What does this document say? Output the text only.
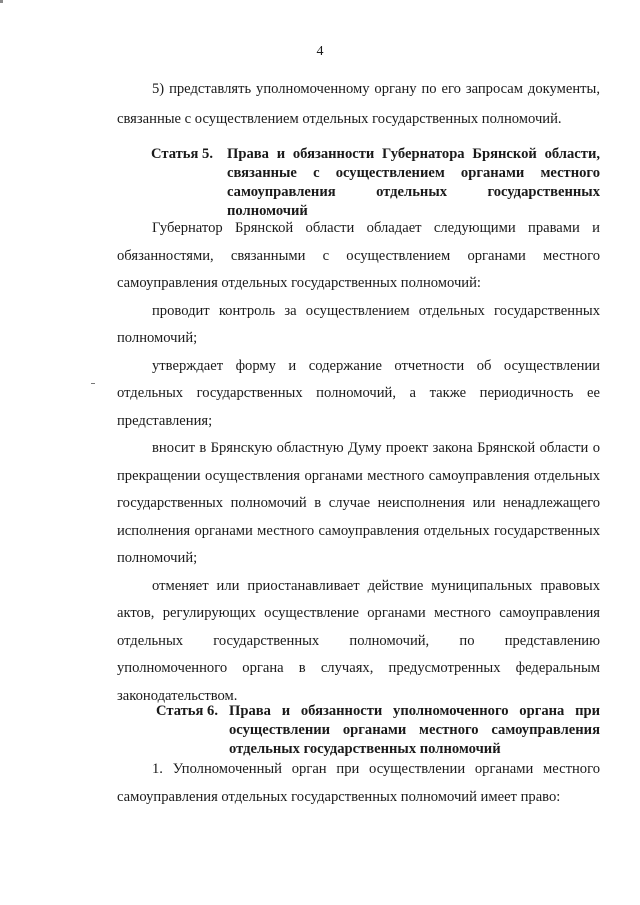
4

5) представлять уполномоченному органу по его запросам документы, связанные с осуществлением отдельных государственных полномочий.

Статья 5. Права и обязанности Губернатора Брянской области, связанные с осуществлением органами местного самоуправления отдельных государственных полномочий

Губернатор Брянской области обладает следующими правами и обязанностями, связанными с осуществлением органами местного самоуправления отдельных государственных полномочий:

проводит контроль за осуществлением отдельных государственных полномочий;

утверждает форму и содержание отчетности об осуществлении отдельных государственных полномочий, а также периодичность ее представления;

вносит в Брянскую областную Думу проект закона Брянской области о прекращении осуществления органами местного самоуправления отдельных государственных полномочий в случае неисполнения или ненадлежащего исполнения органами местного самоуправления отдельных государственных полномочий;

отменяет или приостанавливает действие муниципальных правовых актов, регулирующих осуществление органами местного самоуправления отдельных государственных полномочий, по представлению уполномоченного органа в случаях, предусмотренных федеральным законодательством.

Статья 6. Права и обязанности уполномоченного органа при осуществлении органами местного самоуправления отдельных государственных полномочий

1. Уполномоченный орган при осуществлении органами местного самоуправления отдельных государственных полномочий имеет право:
